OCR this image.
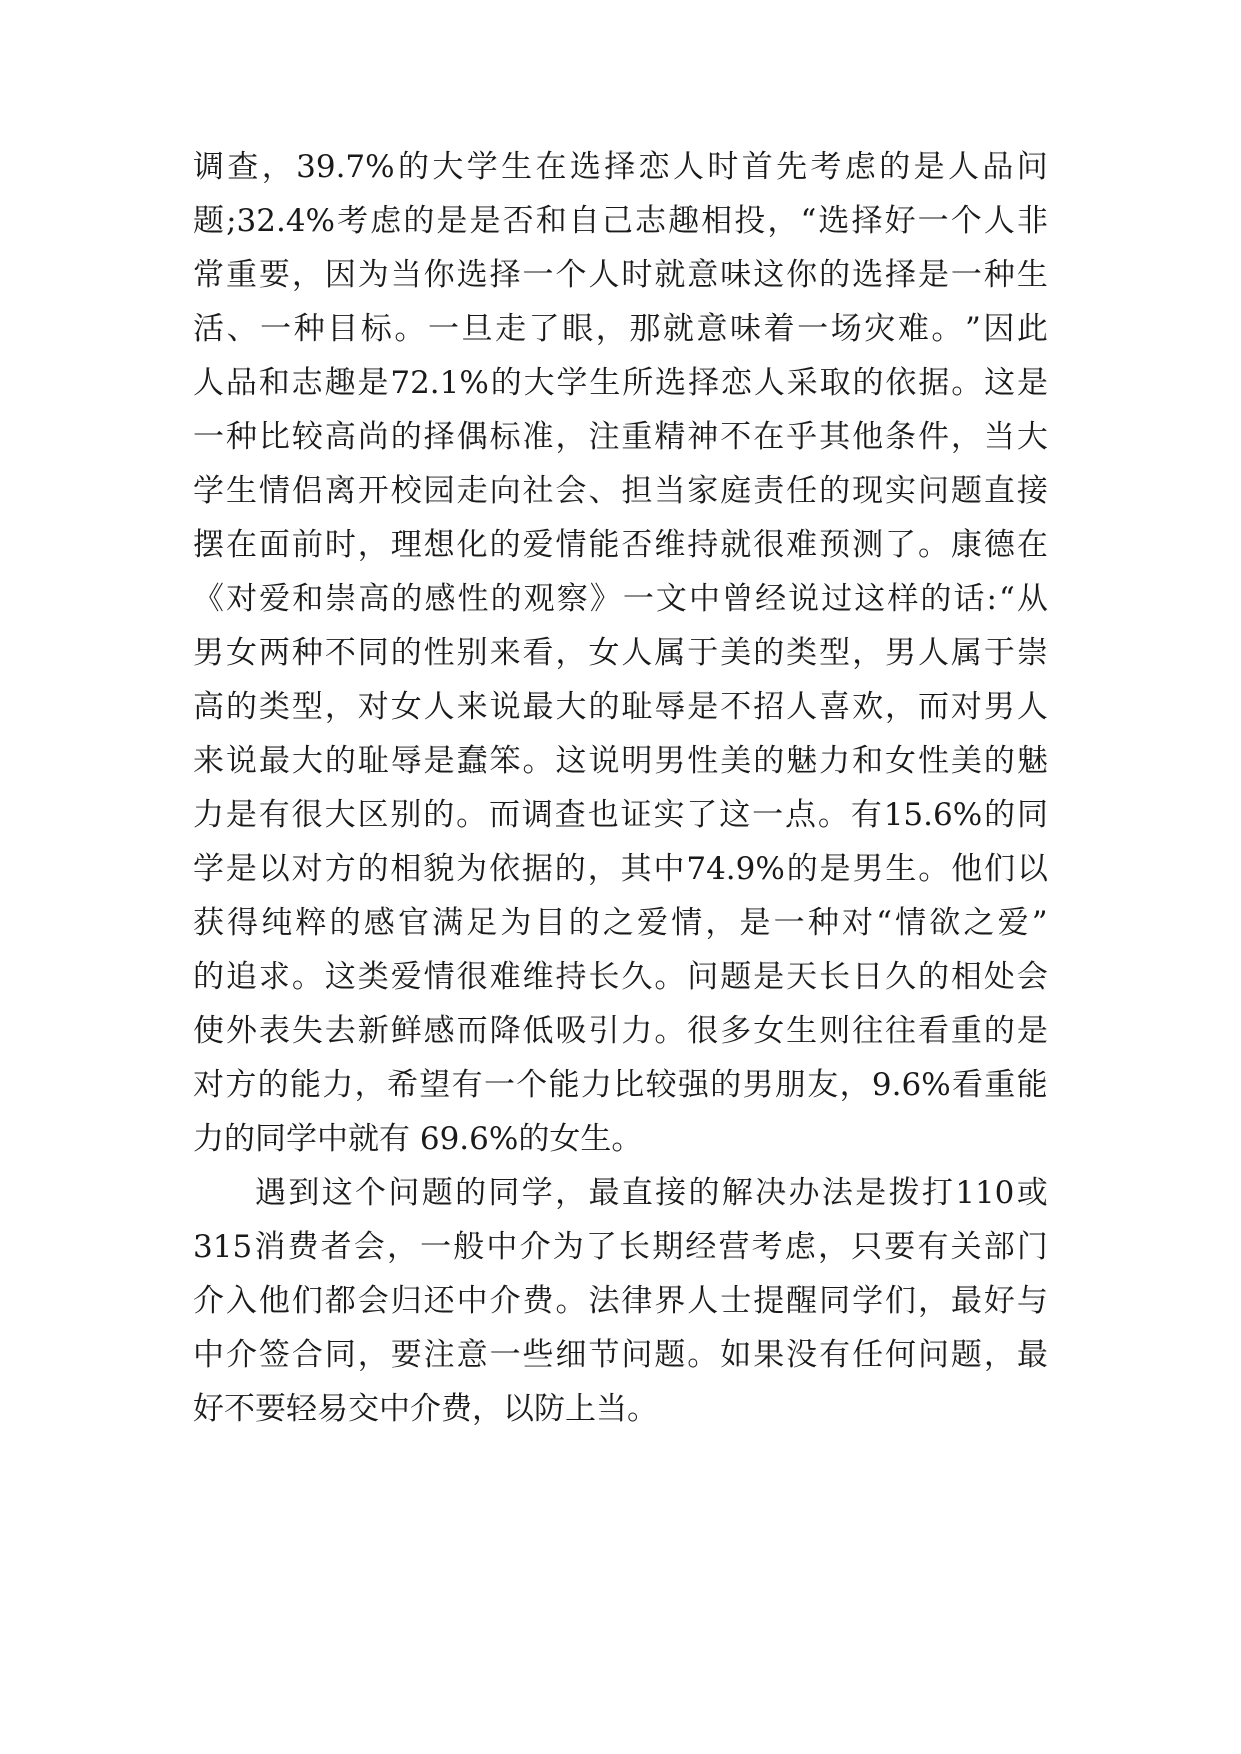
调 查 ， 39.7% 的 大 学 生 在 选 择 恋 人 时 首 先 考 虑 的 是 人 品 问
题 ;32.4% 考 虑 的 是 是 否 和 自 己 志 趣 相 投 ， “ 选 择 好 一 个 人 非
常 重 要 ， 因 为 当 你 选 择 一 个 人 时 就 意 味 这 你 的 选 择 是 一 种 生
活 、 一 种 目 标 。 一 旦 走 了 眼 ， 那 就 意 味 着 一 场 灾 难 。 ” 因 此
人 品 和 志 趣 是 72.1% 的 大 学 生 所 选 择 恋 人 采 取 的 依 据 。 这 是
一 种 比 较 高 尚 的 择 偶 标 准 ， 注 重 精 神 不 在 乎 其 他 条 件 ， 当 大
学 生 情 侣 离 开 校 园 走 向 社 会 、 担 当 家 庭 责 任 的 现 实 问 题 直 接
摆 在 面 前 时 ， 理 想 化 的 爱 情 能 否 维 持 就 很 难 预 测 了 。 康 德 在
《 对 爱 和 崇 高 的 感 性 的 观 察 》 一 文 中 曾 经 说 过 这 样 的 话 : “ 从
男 女 两 种 不 同 的 性 别 来 看 ， 女 人 属 于 美 的 类 型 ， 男 人 属 于 崇
高 的 类 型 ， 对 女 人 来 说 最 大 的 耻 辱 是 不 招 人 喜 欢 ， 而 对 男 人
来 说 最 大 的 耻 辱 是 蠢 笨 。 这 说 明 男 性 美 的 魅 力 和 女 性 美 的 魅
力 是 有 很 大 区 别 的 。 而 调 查 也 证 实 了 这 一 点 。 有 15.6% 的 同
学 是 以 对 方 的 相 貌 为 依 据 的 ， 其 中 74.9% 的 是 男 生 。 他 们 以
获 得 纯 粹 的 感 官 满 足 为 目 的 之 爱 情 ， 是 一 种 对 “ 情 欲 之 爱 ”
的 追 求 。 这 类 爱 情 很 难 维 持 长 久 。 问 题 是 天 长 日 久 的 相 处 会
使 外 表 失 去 新 鲜 感 而 降 低 吸 引 力 。 很 多 女 生 则 往 往 看 重 的 是
对 方 的 能 力 ， 希 望 有 一 个 能 力 比 较 强 的 男 朋 友 ， 9.6% 看 重 能
力的同学中就有 69.6%的女生。
遇 到 这 个 问 题 的 同 学 ， 最 直 接 的 解 决 办 法 是 拨 打 110 或
315 消 费 者 会 ， 一 般 中 介 为 了 长 期 经 营 考 虑 ， 只 要 有 关 部 门
介 入 他 们 都 会 归 还 中 介 费 。 法 律 界 人 士 提 醒 同 学 们 ， 最 好 与
中 介 签 合 同 ， 要 注 意 一 些 细 节 问 题 。 如 果 没 有 任 何 问 题 ， 最
好不要轻易交中介费，以防上当。
